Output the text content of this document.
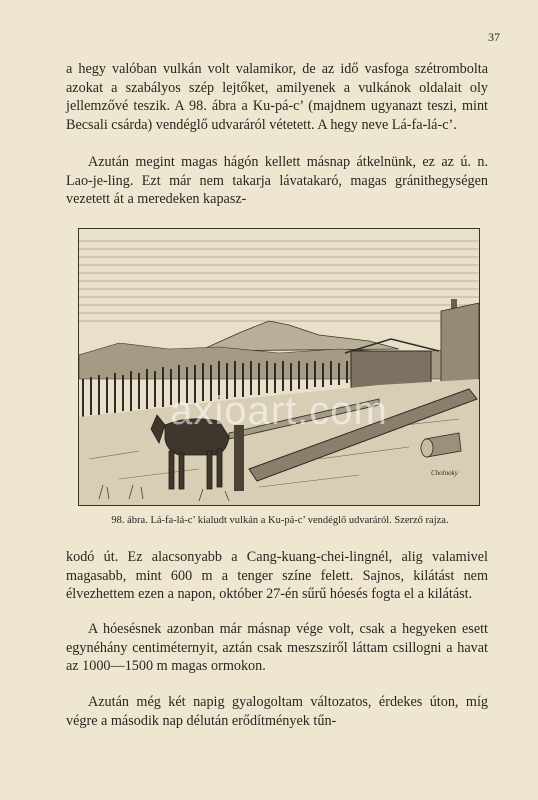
37

a hegy valóban vulkán volt valamikor, de az idő vasfoga szétrombolta azokat a szabályos szép lejtőket, amilyenek a vulkánok oldalait oly jellemzővé teszik. A 98. ábra a Ku-pá-c’ (majdnem ugyanazt teszi, mint Becsali csárda) vendéglő udvaráról vétetett. A hegy neve Lá-fa-lá-c’.

Azután megint magas hágón kellett másnap átkelnünk, ez az ú. n. Lao-je-ling. Ezt már nem takarja lávatakaró, magas gránithegységen vezetett át a meredeken kapasz-

Cholnoky
axioart.com
98. ábra. Lá-fa-lá-c’ kialudt vulkán a Ku-pá-c’ vendéglő udvaráról. Szerző rajza.

kodó út. Ez alacsonyabb a Cang-kuang-chei-lingnél, alig valamivel magasabb, mint 600 m a tenger színe felett. Sajnos, kilátást nem élvezhettem ezen a napon, október 27-én sűrű hóesés fogta el a kilátást.

A hóesésnek azonban már másnap vége volt, csak a hegyeken esett egynéhány centiméternyit, aztán csak meszsziről láttam csillogni a havat az 1000—1500 m magas ormokon.

Azután még két napig gyalogoltam változatos, érdekes úton, míg végre a második nap délután erődítmények tűn-
